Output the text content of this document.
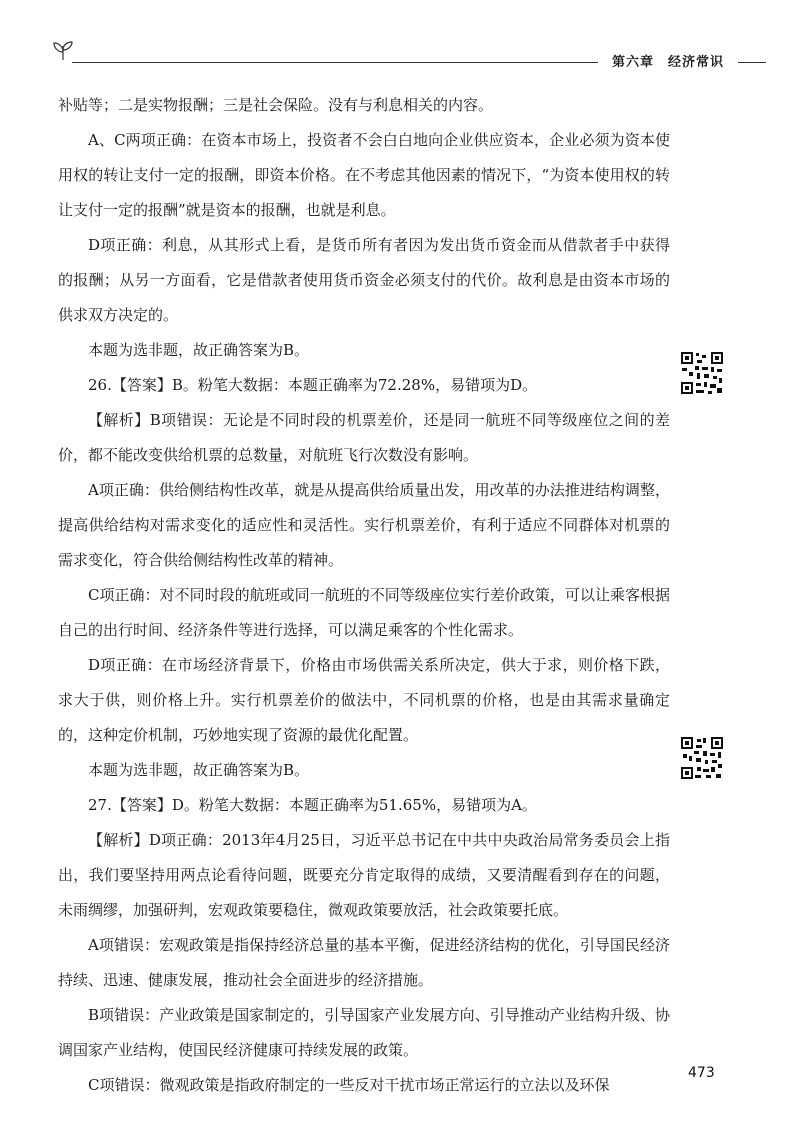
第六章　经济常识

补贴等；二是实物报酬；三是社会保险。没有与利息相关的内容。

A、C两项正确：在资本市场上，投资者不会白白地向企业供应资本，企业必须为资本使用权的转让支付一定的报酬，即资本价格。在不考虑其他因素的情况下，“为资本使用权的转让支付一定的报酬”就是资本的报酬，也就是利息。

D项正确：利息，从其形式上看，是货币所有者因为发出货币资金而从借款者手中获得的报酬；从另一方面看，它是借款者使用货币资金必须支付的代价。故利息是由资本市场的供求双方决定的。

本题为选非题，故正确答案为B。

26.【答案】B。粉笔大数据：本题正确率为72.28%，易错项为D。

【解析】B项错误：无论是不同时段的机票差价，还是同一航班不同等级座位之间的差价，都不能改变供给机票的总数量，对航班飞行次数没有影响。

A项正确：供给侧结构性改革，就是从提高供给质量出发，用改革的办法推进结构调整，提高供给结构对需求变化的适应性和灵活性。实行机票差价，有利于适应不同群体对机票的需求变化，符合供给侧结构性改革的精神。

C项正确：对不同时段的航班或同一航班的不同等级座位实行差价政策，可以让乘客根据自己的出行时间、经济条件等进行选择，可以满足乘客的个性化需求。

D项正确：在市场经济背景下，价格由市场供需关系所决定，供大于求，则价格下跌，求大于供，则价格上升。实行机票差价的做法中，不同机票的价格，也是由其需求量确定的，这种定价机制，巧妙地实现了资源的最优化配置。

本题为选非题，故正确答案为B。

27.【答案】D。粉笔大数据：本题正确率为51.65%，易错项为A。

【解析】D项正确：2013年4月25日，习近平总书记在中共中央政治局常务委员会上指出，我们要坚持用两点论看待问题，既要充分肯定取得的成绩，又要清醒看到存在的问题，未雨绸缪，加强研判，宏观政策要稳住，微观政策要放活，社会政策要托底。

A项错误：宏观政策是指保持经济总量的基本平衡，促进经济结构的优化，引导国民经济持续、迅速、健康发展，推动社会全面进步的经济措施。

B项错误：产业政策是国家制定的，引导国家产业发展方向、引导推动产业结构升级、协调国家产业结构，使国民经济健康可持续发展的政策。

C项错误：微观政策是指政府制定的一些反对干扰市场正常运行的立法以及环保

473
